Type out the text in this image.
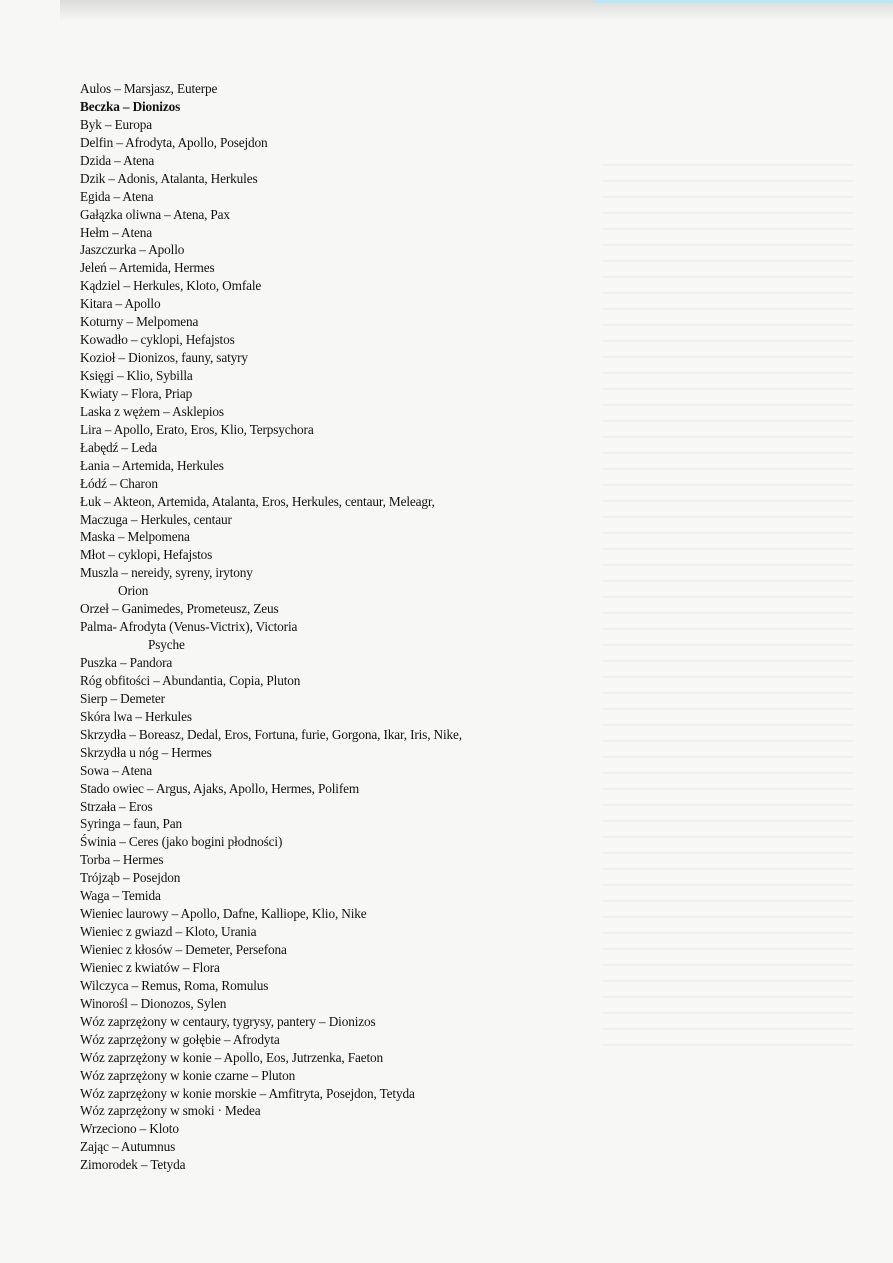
Aulos – Marsjasz, Euterpe
Beczka – Dionizos
Byk – Europa
Delfin – Afrodyta, Apollo, Posejdon
Dzida – Atena
Dzik – Adonis, Atalanta, Herkules
Egida – Atena
Gałązka oliwna – Atena, Pax
Hełm – Atena
Jaszczurka – Apollo
Jeleń – Artemida, Hermes
Kądziel – Herkules, Kloto, Omfale
Kitara – Apollo
Koturny – Melpomena
Kowadło – cyklopi, Hefajstos
Kozioł – Dionizos, fauny, satyry
Księgi – Klio, Sybilla
Kwiaty – Flora, Priap
Laska z wężem – Asklepios
Lira – Apollo, Erato, Eros, Klio, Terpsychora
Łabędź – Leda
Łania – Artemida, Herkules
Łódź – Charon
Łuk – Akteon, Artemida, Atalanta, Eros, Herkules, centaur, Meleagr,
Maczuga – Herkules, centaur
Maska – Melpomena
Młot – cyklopi, Hefajstos
Muszla – nereidy, syreny, irytony
Orion
Orzeł – Ganimedes, Prometeusz, Zeus
Palma- Afrodyta (Venus-Victrix), Victoria
Psyche
Puszka – Pandora
Róg obfitości – Abundantia, Copia, Pluton
Sierp – Demeter
Skóra lwa – Herkules
Skrzydła – Boreasz, Dedal, Eros, Fortuna, furie, Gorgona, Ikar, Iris, Nike,
Skrzydła u nóg – Hermes
Sowa – Atena
Stado owiec – Argus, Ajaks, Apollo, Hermes, Polifem
Strzała – Eros
Syringa – faun, Pan
Świnia – Ceres (jako bogini płodności)
Torba – Hermes
Trójząb – Posejdon
Waga – Temida
Wieniec laurowy – Apollo, Dafne, Kalliope, Klio, Nike
Wieniec z gwiazd – Kloto, Urania
Wieniec z kłosów – Demeter, Persefona
Wieniec z kwiatów – Flora
Wilczyca – Remus, Roma, Romulus
Winorośl – Dionozos, Sylen
Wóz zaprzężony w centaury, tygrysy, pantery – Dionizos
Wóz zaprzężony w gołębie – Afrodyta
Wóz zaprzężony w konie – Apollo, Eos, Jutrzenka, Faeton
Wóz zaprzężony w konie czarne – Pluton
Wóz zaprzężony w konie morskie – Amfitryta, Posejdon, Tetyda
Wóz zaprzężony w smoki · Medea
Wrzeciono – Kloto
Zając – Autumnus
Zimorodek – Tetyda
